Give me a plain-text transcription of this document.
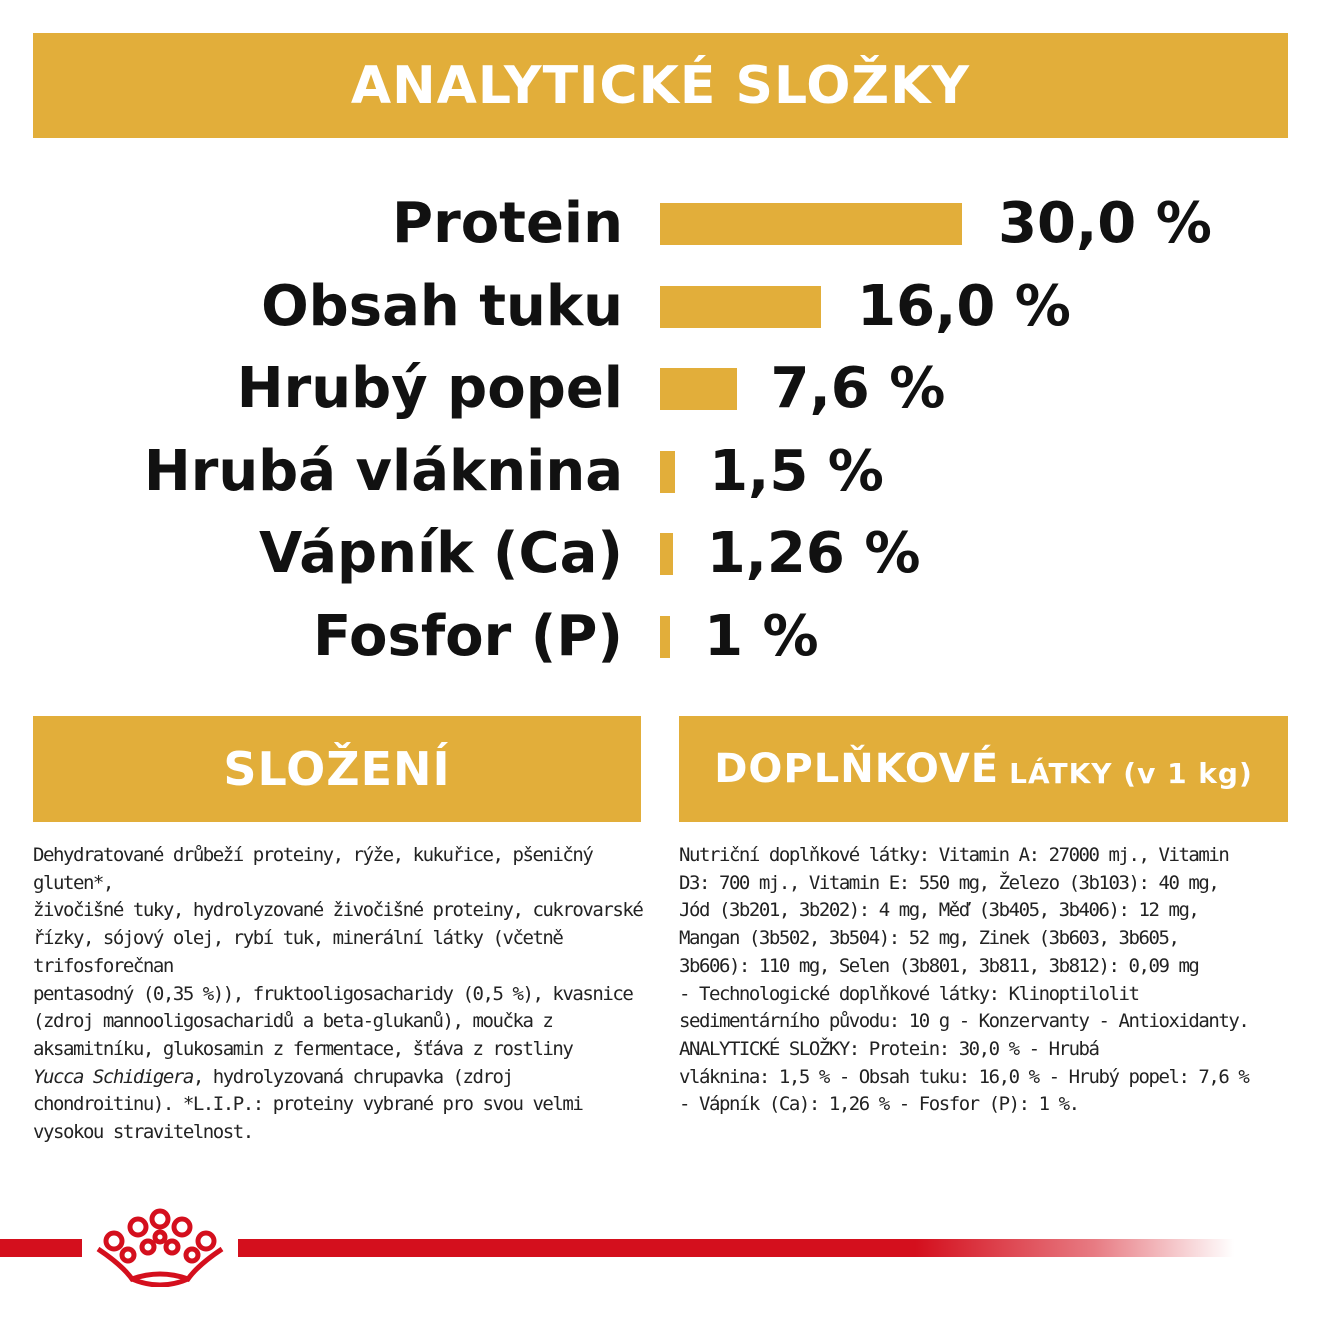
ANALYTICKÉ SLOŽKY
Protein	30,0 %
Obsah tuku	16,0 %
Hrubý popel	7,6 %
Hrubá vláknina 1,5 %
Vápník (Ca) 1,26 %
Fosfor (P) 1 %
SLOŽENÍ	DOPLŇKOVÉ LÁTKY (v 1 kg)
Dehydratované drůbeží proteiny, rýže, kukuřice, pšeničný gluten*,
živočišné tuky, hydrolyzované živočišné proteiny, cukrovarské
řízky, sójový olej, rybí tuk, minerální látky (včetně trifosforečnan
pentasodný (0,35 %)), fruktooligosacharidy (0,5 %), kvasnice
(zdroj mannooligosacharidů a beta-glukanů), moučka z
aksamitníku, glukosamin z fermentace, šťáva z rostliny
Yucca Schidigera, hydrolyzovaná chrupavka (zdroj
chondroitinu). *L.I.P.: proteiny vybrané pro svou velmi
vysokou stravitelnost.
Nutriční doplňkové látky: Vitamin A: 27000 mj., Vitamin
D3: 700 mj., Vitamin E: 550 mg, Železo (3b103): 40 mg,
Jód (3b201, 3b202): 4 mg, Měď (3b405, 3b406): 12 mg,
Mangan (3b502, 3b504): 52 mg, Zinek (3b603, 3b605,
3b606): 110 mg, Selen (3b801, 3b811, 3b812): 0,09 mg
- Technologické doplňkové látky: Klinoptilolit
sedimentárního původu: 10 g - Konzervanty - Antioxidanty.
ANALYTICKÉ SLOŽKY: Protein: 30,0 % - Hrubá
vláknina: 1,5 % - Obsah tuku: 16,0 % - Hrubý popel: 7,6 %
- Vápník (Ca): 1,26 % - Fosfor (P): 1 %.
